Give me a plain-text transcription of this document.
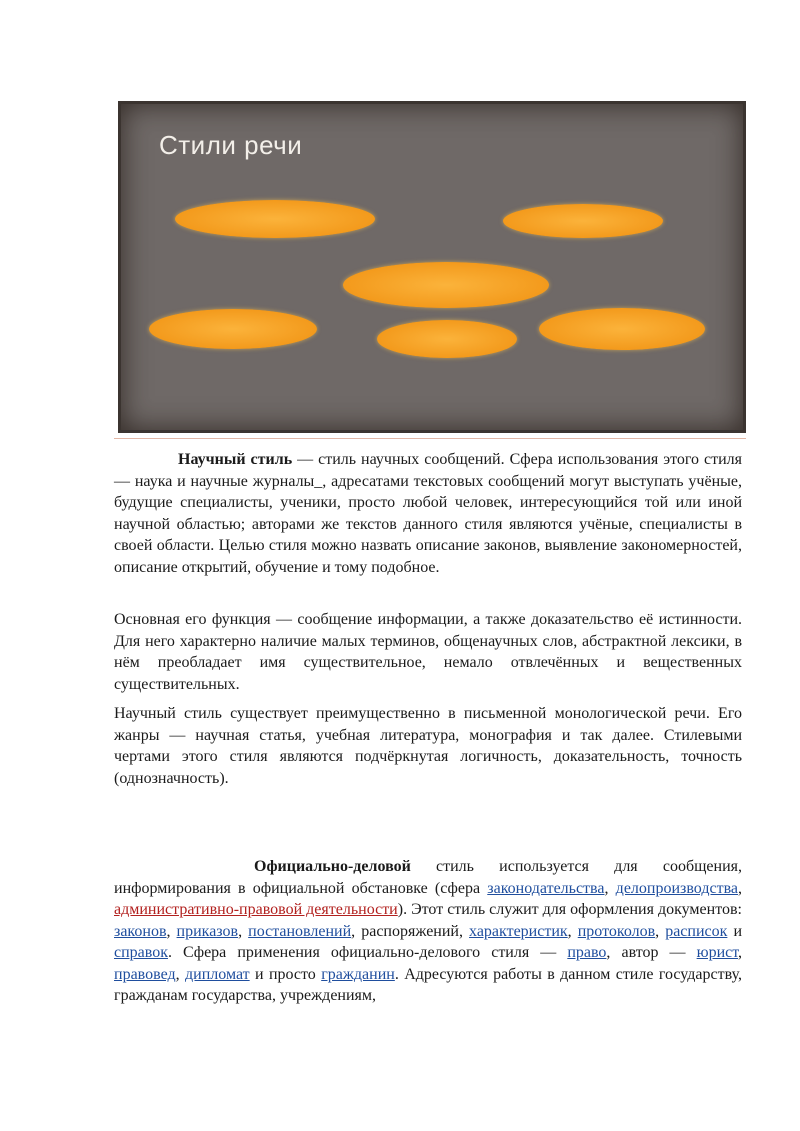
Стили речи

Научный стиль — стиль научных сообщений. Сфера использования этого стиля — наука и научные журналы_, адресатами текстовых сообщений могут выступать учёные, будущие специалисты, ученики, просто любой человек, интересующийся той или иной научной областью; авторами же текстов данного стиля являются учёные, специалисты в своей области. Целью стиля можно назвать описание законов, выявление закономерностей, описание открытий, обучение и тому подобное.

Основная его функция — сообщение информации, а также доказательство её истинности. Для него характерно наличие малых терминов, общенаучных слов, абстрактной лексики, в нём преобладает имя существительное, немало отвлечённых и вещественных существительных.

Научный стиль существует преимущественно в письменной монологической речи. Его жанры — научная статья, учебная литература, монография и так далее. Стилевыми чертами этого стиля являются подчёркнутая логичность, доказательность, точность (однозначность).

Официально-деловой стиль используется для сообщения, информирования в официальной обстановке (сфера законодательства, делопроизводства, административно-правовой деятельности). Этот стиль служит для оформления документов: законов, приказов, постановлений, распоряжений, характеристик, протоколов, расписок и справок. Сфера применения официально-делового стиля — право, автор — юрист, правовед, дипломат и просто гражданин. Адресуются работы в данном стиле государству, гражданам государства, учреждениям,
